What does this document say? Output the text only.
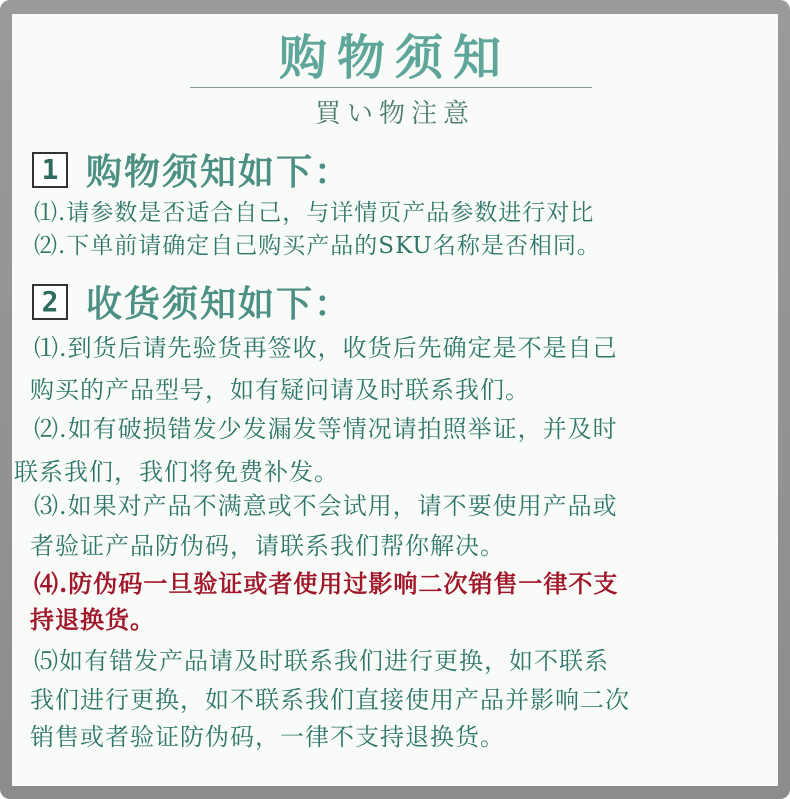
购物须知
買い物注意
1 购物须知如下：
⑴.请参数是否适合自己，与详情页产品参数进行对比
⑵.下单前请确定自己购买产品的SKU名称是否相同。
2 收货须知如下：
⑴.到货后请先验货再签收，收货后先确定是不是自己
购买的产品型号，如有疑问请及时联系我们。
⑵.如有破损错发少发漏发等情况请拍照举证，并及时
联系我们，我们将免费补发。
⑶.如果对产品不满意或不会试用，请不要使用产品或
者验证产品防伪码，请联系我们帮你解决。
⑷.防伪码一旦验证或者使用过影响二次销售一律不支
持退换货。
⑸如有错发产品请及时联系我们进行更换，如不联系
我们进行更换，如不联系我们直接使用产品并影响二次
销售或者验证防伪码，一律不支持退换货。
